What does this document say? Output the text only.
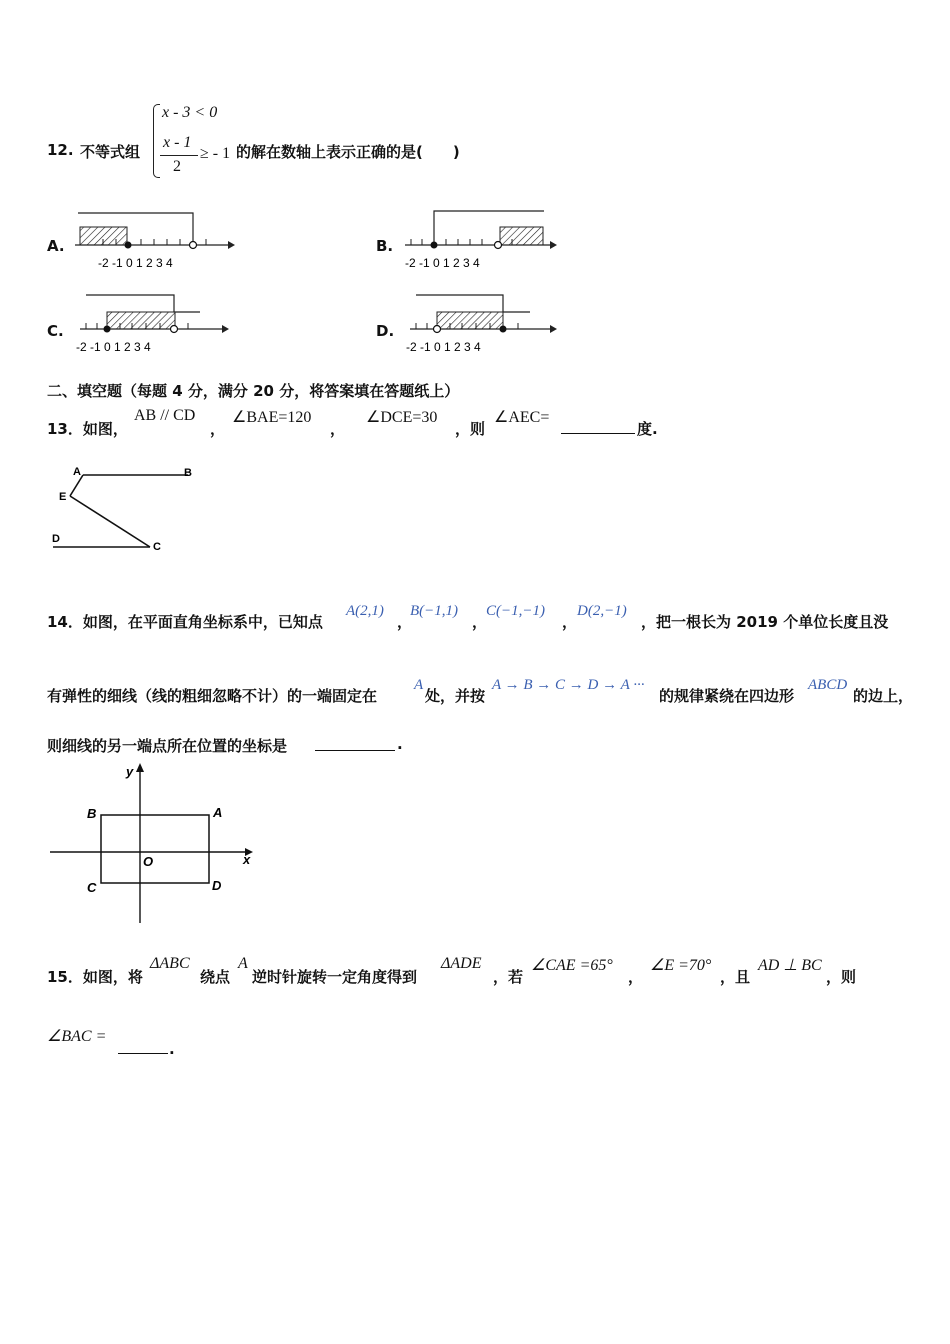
12. 不等式组
x - 3 < 0
x - 1
2
≥ - 1 的解在数轴上表示正确的是(　　)
A.
-2 -1 0 1 2 3 4
B.
-2 -1 0 1 2 3 4
C.
-2 -1 0 1 2 3 4
D.
-2 -1 0 1 2 3 4
二、填空题（每题 4 分，满分 20 分，将答案填在答题纸上）
13．如图，
AB // CD
，
∠BAE=120
，
∠DCE=30
，则
∠AEC=
度.
A	B
E
D
C
14．如图，在平面直角坐标系中，已知点
A(2,1)
，
B(−1,1)
，
C(−1,−1)
，
D(2,−1)
，把一根长为 2019 个单位长度且没
有弹性的细线（线的粗细忽略不计）的一端固定在
A
处，并按
A → B → C → D → A ···
的规律紧绕在四边形
ABCD
的边上，
则细线的另一端点所在位置的坐标是	.
y
x
O
A
B
C	D
15．如图，将
ΔABC
绕点
A
逆时针旋转一定角度得到
ΔADE
，若
∠CAE =65°
，
∠E =70°
，且
AD ⊥ BC
，则
∠BAC =
.
